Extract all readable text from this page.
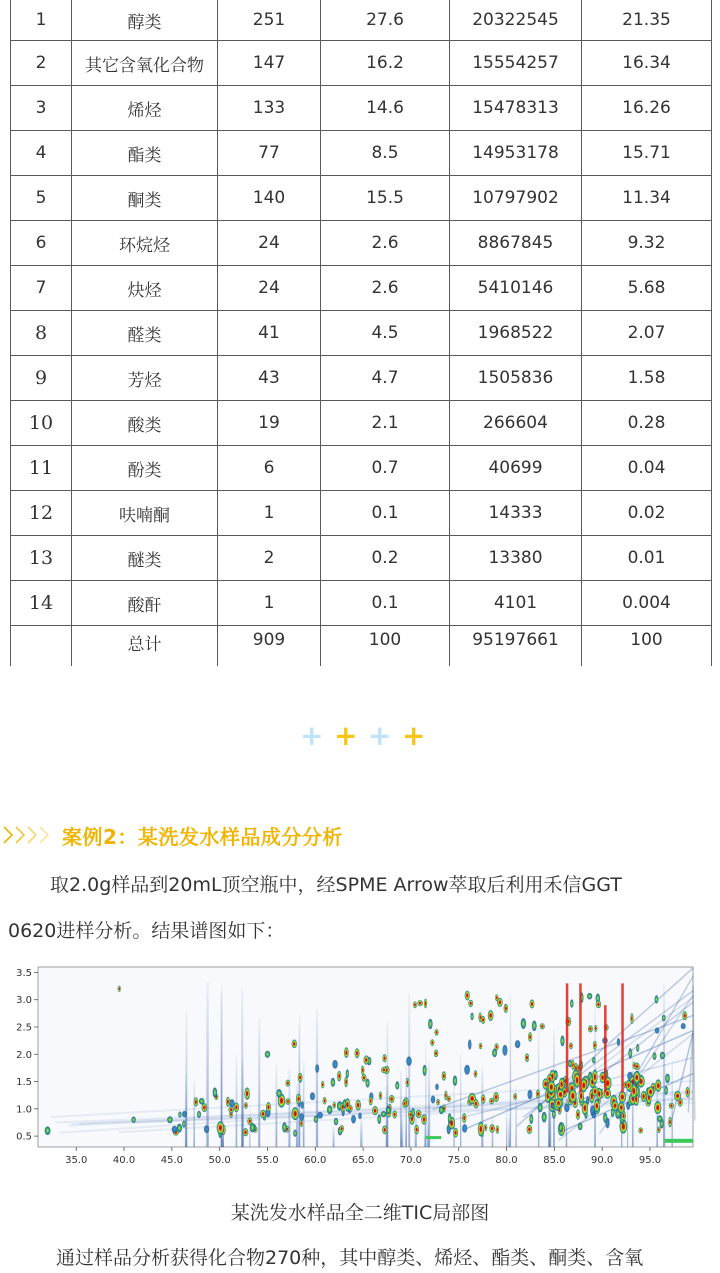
1	醇类	251	27.6	20322545	21.35
2	其它含氧化合物	147	16.2	15554257	16.34
3	烯烃	133	14.6	15478313	16.26
4	酯类	77	8.5	14953178	15.71
5	酮类	140	15.5	10797902	11.34
6	环烷烃	24	2.6	8867845	9.32
7	炔烃	24	2.6	5410146	5.68
8	醛类	41	4.5	1968522	2.07
9	芳烃	43	4.7	1505836	1.58
10	酸类	19	2.1	266604	0.28
11	酚类	6	0.7	40699	0.04
12	呋喃酮	1	0.1	14333	0.02
13	醚类	2	0.2	13380	0.01
14	酸酐	1	0.1	4101	0.004
	总计	909	100	95197661	100
+ + + +
案例2：某洗发水样品成分分析
取2.0g样品到20mL顶空瓶中，经SPME Arrow萃取后利用禾信GGT
0620进样分析。结果谱图如下：
35.0	40.0	45.0	50.0	55.0	60.0	65.0	70.0	75.0	80.0	85.0	90.0	95.0
0.5
1.0
1.5
2.0
2.5
3.0
3.5
某洗发水样品全二维TIC局部图
通过样品分析获得化合物270种，其中醇类、烯烃、酯类、酮类、含氧
